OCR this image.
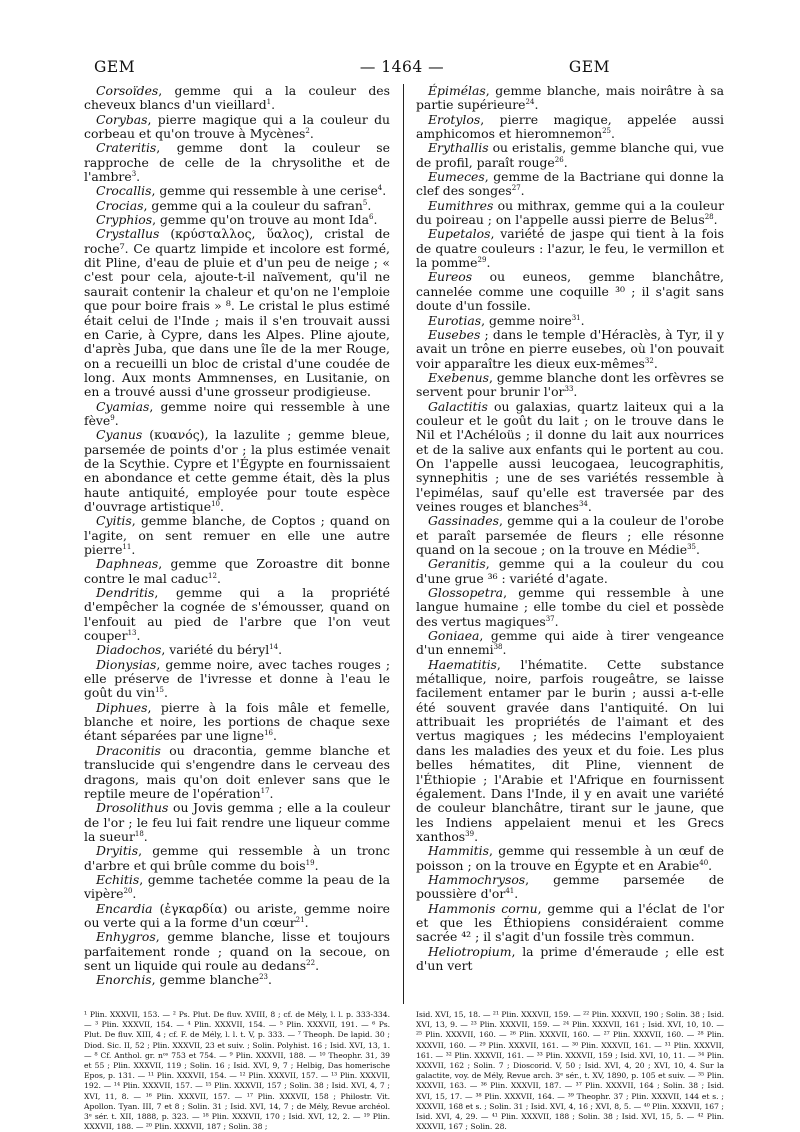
GEM	— 1464 —	GEM

Corsoïdes, gemme qui a la couleur des cheveux blancs d'un vieillard$^1$.

Corybas, pierre magique qui a la couleur du corbeau et qu'on trouve à Mycènes$^2$.

Crateritis, gemme dont la couleur se rapproche de celle de la chrysolithe et de l'ambre$^3$.

Crocallis, gemme qui ressemble à une cerise$^4$.

Crocias, gemme qui a la couleur du safran$^5$.

Cryphios, gemme qu'on trouve au mont Ida$^6$.

Crystallus (κρύσταλλος, ὕαλος), cristal de roche⁷. Ce quartz limpide et incolore est formé, dit Pline, d'eau de pluie et d'un peu de neige ; « c'est pour cela, ajoute-t-il naïvement, qu'il ne saurait contenir la chaleur et qu'on ne l'emploie que pour boire frais » ⁸. Le cristal le plus estimé était celui de l'Inde ; mais il s'en trouvait aussi en Carie, à Cypre, dans les Alpes. Pline ajoute, d'après Juba, que dans une île de la mer Rouge, on a recueilli un bloc de cristal d'une coudée de long. Aux monts Ammnenses, en Lusitanie, on en a trouvé aussi d'une grosseur prodigieuse.

Cyamias, gemme noire qui ressemble à une fève$^9$.

Cyanus (κυανός), la lazulite ; gemme bleue, parsemée de points d'or ; la plus estimée venait de la Scythie. Cypre et l'Égypte en fournissaient en abondance et cette gemme était, dès la plus haute antiquité, employée pour toute espèce d'ouvrage artistique$^{10}$.

Cyitis, gemme blanche, de Coptos ; quand on l'agite, on sent remuer en elle une autre pierre$^{11}$.

Daphneas, gemme que Zoroastre dit bonne contre le mal caduc$^{12}$.

Dendritis, gemme qui a la propriété d'empêcher la cognée de s'émousser, quand on l'enfouit au pied de l'arbre que l'on veut couper$^{13}$.

Diadochos, variété du béryl$^{14}$.

Dionysias, gemme noire, avec taches rouges ; elle préserve de l'ivresse et donne à l'eau le goût du vin$^{15}$.

Diphues, pierre à la fois mâle et femelle, blanche et noire, les portions de chaque sexe étant séparées par une ligne$^{16}$.

Draconitis ou dracontia, gemme blanche et translucide qui s'engendre dans le cerveau des dragons, mais qu'on doit enlever sans que le reptile meure de l'opération$^{17}$.

Drosolithus ou Jovis gemma ; elle a la couleur de l'or ; le feu lui fait rendre une liqueur comme la sueur$^{18}$.

Dryitis, gemme qui ressemble à un tronc d'arbre et qui brûle comme du bois$^{19}$.

Echitis, gemme tachetée comme la peau de la vipère$^{20}$.

Encardia (ἐγκαρδία) ou ariste, gemme noire ou verte qui a la forme d'un cœur$^{21}$.

Enhygros, gemme blanche, lisse et toujours parfaitement ronde ; quand on la secoue, on sent un liquide qui roule au dedans$^{22}$.

Enorchis, gemme blanche$^{23}$.

Épimélas, gemme blanche, mais noirâtre à sa partie supérieure$^{24}$.

Erotylos, pierre magique, appelée aussi amphicomos et hieromnemon$^{25}$.

Erythallis ou eristalis, gemme blanche qui, vue de profil, paraît rouge$^{26}$.

Eumeces, gemme de la Bactriane qui donne la clef des songes$^{27}$.

Eumithres ou mithrax, gemme qui a la couleur du poireau ; on l'appelle aussi pierre de Belus$^{28}$.

Eupetalos, variété de jaspe qui tient à la fois de quatre couleurs : l'azur, le feu, le vermillon et la pomme$^{29}$.

Eureos ou euneos, gemme blanchâtre, cannelée comme une coquille ³⁰ ; il s'agit sans doute d'un fossile.

Eurotias, gemme noire$^{31}$.

Eusebes ; dans le temple d'Héraclès, à Tyr, il y avait un trône en pierre eusebes, où l'on pouvait voir apparaître les dieux eux-mêmes$^{32}$.

Exebenus, gemme blanche dont les orfèvres se servent pour brunir $l'or^{33}$.

Galactitis ou galaxias, quartz laiteux qui a la couleur et le goût du lait ; on le trouve dans le Nil et l'Achéloüs ; il donne du lait aux nourrices et de la salive aux enfants qui le portent au cou. On l'appelle aussi leucogaea, leucographitis, synnephitis ; une de ses variétés ressemble à l'epimélas, sauf qu'elle est traversée par des veines rouges et blanches$^{34}$.

Gassinades, gemme qui a la couleur de l'orobe et paraît parsemée de fleurs ; elle résonne quand on la secoue ; on la trouve en Médie$^{35}$.

Geranitis, gemme qui a la couleur du cou d'une grue ³⁶ : variété d'agate.

Glossopetra, gemme qui ressemble à une langue humaine ; elle tombe du ciel et possède des vertus magiques$^{37}$.

Goniaea, gemme qui aide à tirer vengeance d'un ennemi$^{38}$.

Haematitis, l'hématite. Cette substance métallique, noire, parfois rougeâtre, se laisse facilement entamer par le burin ; aussi a-t-elle été souvent gravée dans l'antiquité. On lui attribuait les propriétés de l'aimant et des vertus magiques ; les médecins l'employaient dans les maladies des yeux et du foie. Les plus belles hématites, dit Pline, viennent de l'Éthiopie ; l'Arabie et l'Afrique en fournissent également. Dans l'Inde, il y en avait une variété de couleur blanchâtre, tirant sur le jaune, que les Indiens appelaient menui et les Grecs xanthos$^{39}$.

Hammitis, gemme qui ressemble à un œuf de poisson ; on la trouve en Égypte et en Arabie$^{40}$.

Hammochrysos, gemme parsemée de poussière $d'or^{41}$.

Hammonis cornu, gemme qui a l'éclat de l'or et que les Éthiopiens considéraient comme sacrée ⁴² ; il s'agit d'un fossile très commun.

Heliotropium, la prime d'émeraude ; elle est d'un vert

¹ Plin. XXXVII, 153. — ² Ps. Plut. De fluv. XVIII, 8 ; cf. de Mély, l. l. p. 333-334. — ³ Plin. XXXVII, 154. — ⁴ Plin. XXXVII, 154. — ⁵ Plin. XXXVII, 191. — ⁶ Ps. Plut. De fluv. XIII, 4 ; cf. F. de Mély, l. l. t. V, p. 333. — ⁷ Theoph. De lapid. 30 ; Diod. Sic. II, 52 ; Plin. XXXVII, 23 et suiv. ; Solin. Polyhist. 16 ; Isid. XVI, 13, 1. — ⁸ Cf. Anthol. gr. nᵒˢ 753 et 754. — ⁹ Plin. XXXVII, 188. — ¹⁰ Theophr. 31, 39 et 55 ; Plin. XXXVII, 119 ; Solin. 16 ; Isid. XVI, 9, 7 ; Helbig, Das homerische Epos, p. 131. — ¹¹ Plin. XXXVII, 154. — ¹² Plin. XXXVII, 157. — ¹³ Plin. XXXVII, 192. — ¹⁴ Plin. XXXVII, 157. — ¹⁵ Plin. XXXVII, 157 ; Solin. 38 ; Isid. XVI, 4, 7 ; XVI, 11, 8. — ¹⁶ Plin. XXXVII, 157. — ¹⁷ Plin. XXXVII, 158 ; Philostr. Vit. Apollon. Tyan. III, 7 et 8 ; Solin. 31 ; Isid. XVI, 14, 7 ; de Mély, Revue archéol. 3ᵉ sér. t. XII, 1888, p. 323. — ¹⁸ Plin. XXXVII, 170 ; Isid. XVI, 12, 2. — ¹⁹ Plin. XXXVII, 188. — ²⁰ Plin. XXXVII, 187 ; Solin. 38 ;
Isid. XVI, 15, 18. — ²¹ Plin. XXXVII, 159. — ²² Plin. XXXVII, 190 ; Solin. 38 ; Isid. XVI, 13, 9. — ²³ Plin. XXXVII, 159. — ²⁴ Plin. XXXVII, 161 ; Isid. XVI, 10, 10. — ²⁵ Plin. XXXVII, 160. — ²⁶ Plin. XXXVII, 160. — ²⁷ Plin. XXXVII, 160. — ²⁸ Plin. XXXVII, 160. — ²⁹ Plin. XXXVII, 161. — ³⁰ Plin. XXXVII, 161. — ³¹ Plin. XXXVII, 161. — ³² Plin. XXXVII, 161. — ³³ Plin. XXXVII, 159 ; Isid. XVI, 10, 11. — ³⁴ Plin. XXXVII, 162 ; Solin. 7 ; Dioscorid. V, 50 ; Isid. XVI, 4, 20 ; XVI, 10, 4. Sur la galactite, voy. de Mély, Revue arch. 3ᵉ sér., t. XV, 1890, p. 105 et suiv. — ³⁵ Plin. XXXVII, 163. — ³⁶ Plin. XXXVII, 187. — ³⁷ Plin. XXXVII, 164 ; Solin. 38 ; Isid. XVI, 15, 17. — ³⁸ Plin. XXXVII, 164. — ³⁹ Theophr. 37 ; Plin. XXXVII, 144 et s. ; XXXVII, 168 et s. ; Solin. 31 ; Isid. XVI, 4, 16 ; XVI, 8, 5. — ⁴⁰ Plin. XXXVII, 167 ; Isid. XVI, 4, 29. — ⁴¹ Plin. XXXVII, 188 ; Solin. 38 ; Isid. XVI, 15, 5. — ⁴² Plin. XXXVII, 167 ; Solin. 28.
